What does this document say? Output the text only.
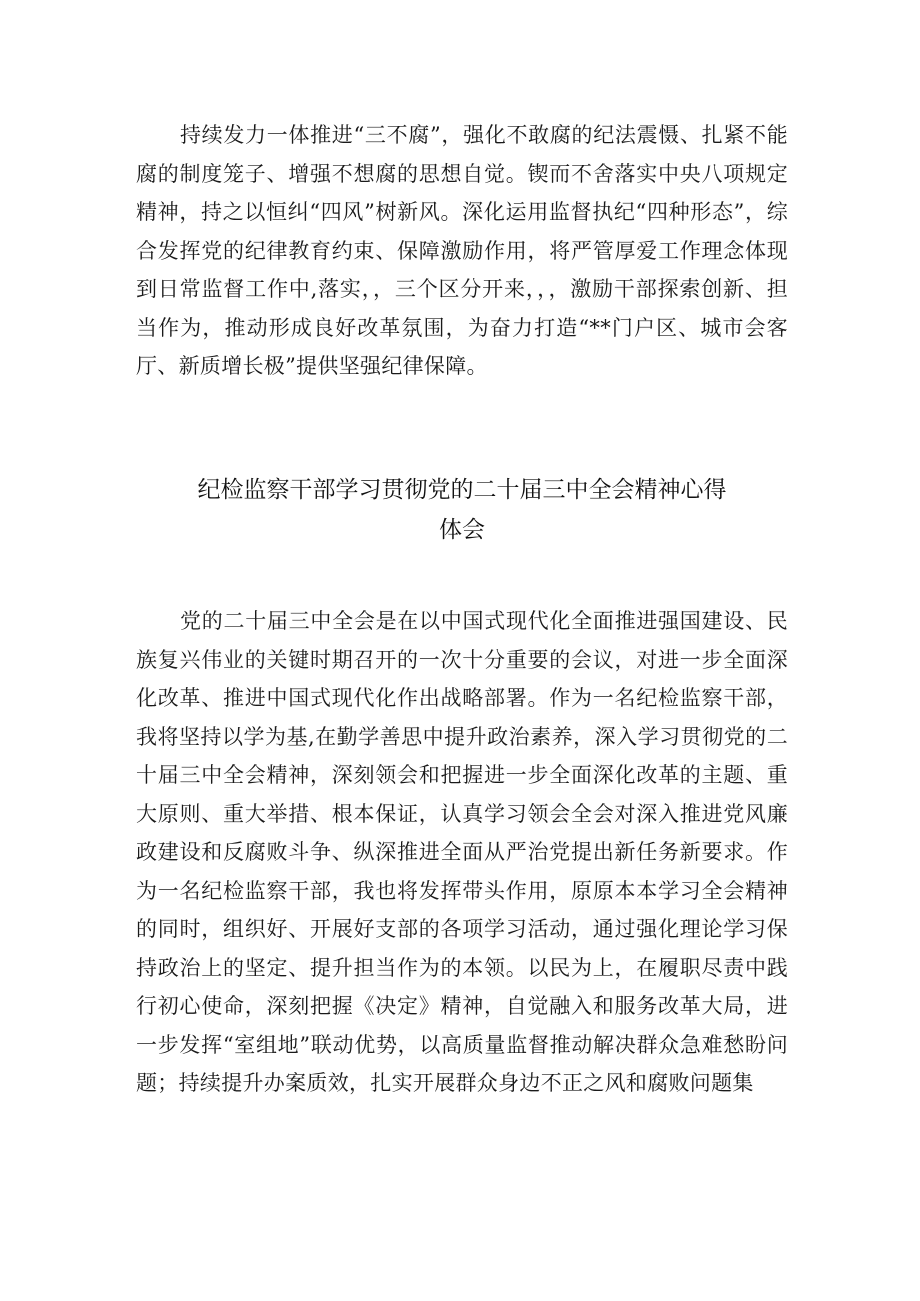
持续发力一体推进“三不腐”，强化不敢腐的纪法震慑、扎紧不能腐的制度笼子、增强不想腐的思想自觉。锲而不舍落实中央八项规定精神，持之以恒纠“四风”树新风。深化运用监督执纪“四种形态”，综合发挥党的纪律教育约束、保障激励作用，将严管厚爱工作理念体现到日常监督工作中,落实，，三个区分开来，，，激励干部探索创新、担当作为，推动形成良好改革氛围，为奋力打造“**门户区、城市会客厅、新质增长极”提供坚强纪律保障。

纪检监察干部学习贯彻党的二十届三中全会精神心得
体会

党的二十届三中全会是在以中国式现代化全面推进强国建设、民族复兴伟业的关键时期召开的一次十分重要的会议，对进一步全面深化改革、推进中国式现代化作出战略部署。作为一名纪检监察干部，我将坚持以学为基,在勤学善思中提升政治素养，深入学习贯彻党的二十届三中全会精神，深刻领会和把握进一步全面深化改革的主题、重大原则、重大举措、根本保证，认真学习领会全会对深入推进党风廉政建设和反腐败斗争、纵深推进全面从严治党提出新任务新要求。作为一名纪检监察干部，我也将发挥带头作用，原原本本学习全会精神的同时，组织好、开展好支部的各项学习活动，通过强化理论学习保持政治上的坚定、提升担当作为的本领。以民为上，在履职尽责中践行初心使命，深刻把握《决定》精神，自觉融入和服务改革大局，进一步发挥“室组地”联动优势，以高质量监督推动解决群众急难愁盼问题；持续提升办案质效，扎实开展群众身边不正之风和腐败问题集
